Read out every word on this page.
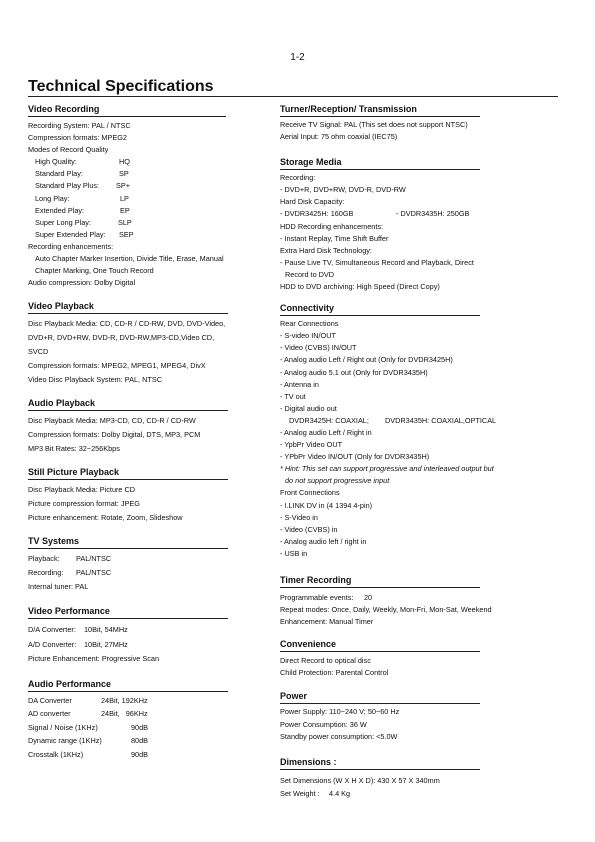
1-2
Technical Specifications
Video Recording
Recording System: PAL / NTSC
Compression formats: MPEG2
Modes of Record Quality
High Quality:	HQ
Standard Play:	SP
Standard Play Plus: SP+
Long Play:	LP
Extended Play:	EP
Super Long Play:	SLP
Super Extended Play: SEP
Recording enhancements:
Auto Chapter Marker Insertion, Divide Title, Erase, Manual
Chapter Marking, One Touch Record
Audio compression: Dolby Digital
Video Playback
Disc Playback Media: CD, CD-R / CD-RW, DVD, DVD-Video,
DVD+R, DVD+RW, DVD-R, DVD-RW,MP3-CD,Video CD,
SVCD
Compression formats: MPEG2, MPEG1, MPEG4, DivX
Video Disc Playback System: PAL, NTSC
Audio Playback
Disc Playback Media: MP3-CD, CD, CD-R / CD-RW
Compression formats: Dolby Digital, DTS, MP3, PCM
MP3 Bit Rates: 32~256Kbps
Still Picture Playback
Disc Playback Media: Picture CD
Picture compression format: JPEG
Picture enhancement: Rotate, Zoom, Slideshow
TV Systems
Playback: PAL/NTSC
Recording: PAL/NTSC
Internal tuner: PAL
Video Performance
D/A Converter: 10Bit, 54MHz
A/D Converter: 10Bit, 27MHz
Picture Enhancement: Progressive Scan
Audio Performance
DA Converter	24Bit, 192KHz
AD converter	24Bit,   96KHz
Signal / Noise (1KHz)	90dB
Dynamic range (1KHz)	80dB
Crosstalk (1KHz)	90dB
Turner/Reception/ Transmission
Receive TV Signal: PAL (This set does not support NTSC)
Aerial Input: 75 ohm coaxial (IEC75)
Storage Media
Recording:
- DVD+R, DVD+RW, DVD-R, DVD-RW
Hard Disk Capacity:
- DVDR3425H: 160GB	- DVDR3435H: 250GB
HDD Recording enhancements:
- Instant Replay, Time Shift Buffer
Extra Hard Disk Technology:
- Pause Live TV, Simultaneous Record and Playback, Direct
Record to DVD
HDD to DVD archiving: High Speed (Direct Copy)
Connectivity
Rear Connections
- S-video IN/OUT
- Video (CVBS) IN/OUT
- Analog audio Left / Right out (Only for DVDR3425H)
- Analog audio 5.1 out (Only for DVDR3435H)
- Antenna in
- TV out
- Digital audio out
DVDR3425H: COAXIAL; DVDR3435H: COAXIAL,OPTICAL
- Analog audio Left / Right in
- YpbPr Video OUT
- YPbPr Video IN/OUT (Only for DVDR3435H)
* Hint: This set can support progressive and interleaved output but
do not support progressive input
Front Connections
- I.LINK DV in (4 1394 4-pin)
- S-Video in
- Video (CVBS) in
- Analog audio left / right in
- USB in
Timer Recording
Programmable events: 20
Repeat modes: Once, Daily, Weekly, Mon-Fri, Mon-Sat, Weekend
Enhancement: Manual Timer
Convenience
Direct Record to optical disc
Child Protection: Parental Control
Power
Power Supply: 110~240 V; 50~60 Hz
Power Consumption: 36 W
Standby power consumption: <5.0W
Dimensions :
Set Dimensions (W X H X D): 430 X 57 X 340mm
Set Weight : 4.4 Kg
